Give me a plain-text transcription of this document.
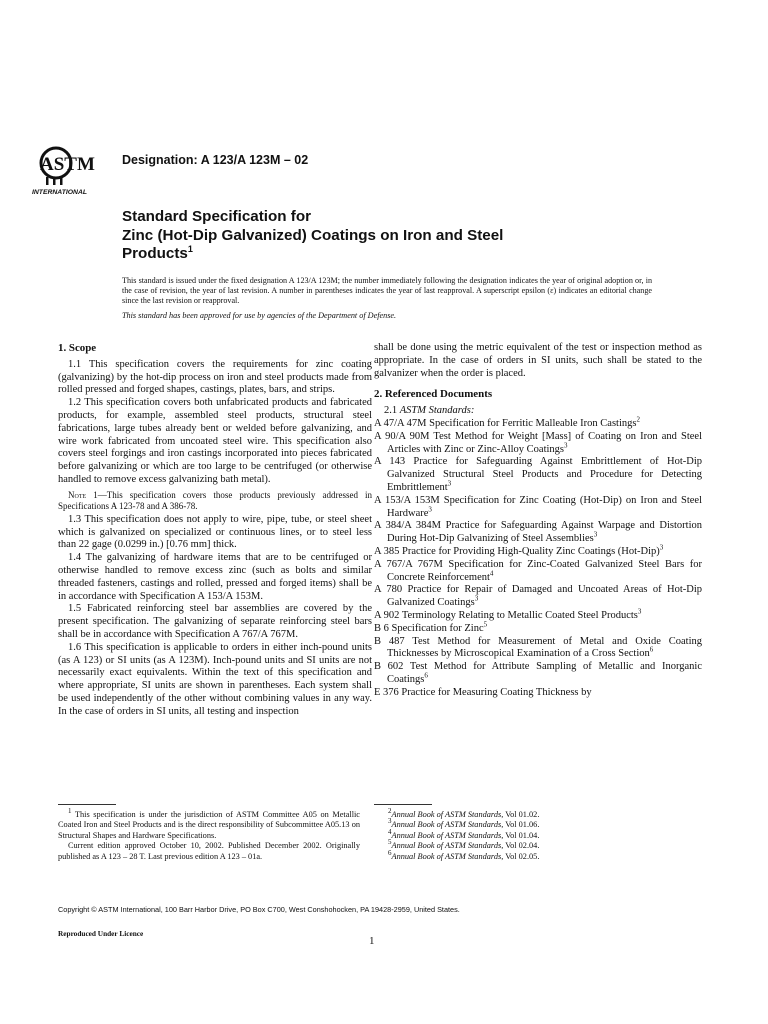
ASTM
INTERNATIONAL
Designation: A 123/A 123M – 02
Standard Specification for
Zinc (Hot-Dip Galvanized) Coatings on Iron and Steel
Products$^1$
This standard is issued under the fixed designation A 123/A 123M; the number immediately following the designation indicates the year of original adoption or, in the case of revision, the year of last revision. A number in parentheses indicates the year of last reapproval. A superscript epsilon (ε) indicates an editorial change since the last revision or reapproval.
This standard has been approved for use by agencies of the Department of Defense.
1. Scope

1.1 This specification covers the requirements for zinc coating (galvanizing) by the hot-dip process on iron and steel products made from rolled pressed and forged shapes, castings, plates, bars, and strips.

1.2 This specification covers both unfabricated products and fabricated products, for example, assembled steel products, structural steel fabrications, large tubes already bent or welded before galvanizing, and wire work fabricated from uncoated steel wire. This specification also covers steel forgings and iron castings incorporated into pieces fabricated before galvanizing or which are too large to be centrifuged (or otherwise handled to remove excess galvanizing bath metal).

Note 1—This specification covers those products previously addressed in Specifications A 123-78 and A 386-78.

1.3 This specification does not apply to wire, pipe, tube, or steel sheet which is galvanized on specialized or continuous lines, or to steel less than 22 gage (0.0299 in.) [0.76 mm] thick.

1.4 The galvanizing of hardware items that are to be centrifuged or otherwise handled to remove excess zinc (such as bolts and similar threaded fasteners, castings and rolled, pressed and forged items) shall be in accordance with Specification A 153/A 153M.

1.5 Fabricated reinforcing steel bar assemblies are covered by the present specification. The galvanizing of separate reinforcing steel bars shall be in accordance with Specification A 767/A 767M.

1.6 This specification is applicable to orders in either inch-pound units (as A 123) or SI units (as A 123M). Inch-pound units and SI units are not necessarily exact equivalents. Within the text of this specification and where appropriate, SI units are shown in parentheses. Each system shall be used independently of the other without combining values in any way. In the case of orders in SI units, all testing and inspection

shall be done using the metric equivalent of the test or inspection method as appropriate. In the case of orders in SI units, such shall be stated to the galvanizer when the order is placed.

2. Referenced Documents

2.1 ASTM Standards:

A 47/A 47M Specification for Ferritic Malleable Iron Castings$^2$

A 90/A 90M Test Method for Weight [Mass] of Coating on Iron and Steel Articles with Zinc or Zinc-Alloy Coatings$^3$

A 143 Practice for Safeguarding Against Embrittlement of Hot-Dip Galvanized Structural Steel Products and Procedure for Detecting Embrittlement$^3$

A 153/A 153M Specification for Zinc Coating (Hot-Dip) on Iron and Steel Hardware$^3$

A 384/A 384M Practice for Safeguarding Against Warpage and Distortion During Hot-Dip Galvanizing of Steel Assemblies$^3$

A 385 Practice for Providing High-Quality Zinc Coatings $(Hot-Dip)^3$

A 767/A 767M Specification for Zinc-Coated Galvanized Steel Bars for Concrete Reinforcement$^4$

A 780 Practice for Repair of Damaged and Uncoated Areas of Hot-Dip Galvanized Coatings$^3$

A 902 Terminology Relating to Metallic Coated Steel Products$^3$

B 6 Specification for Zinc$^5$

B 487 Test Method for Measurement of Metal and Oxide Coating Thicknesses by Microscopical Examination of a Cross Section$^6$

B 602 Test Method for Attribute Sampling of Metallic and Inorganic Coatings$^6$

E 376 Practice for Measuring Coating Thickness by

$^1$ This specification is under the jurisdiction of ASTM Committee A05 on Metallic Coated Iron and Steel Products and is the direct responsibility of Subcommittee A05.13 on Structural Shapes and Hardware Specifications.

Current edition approved October 10, 2002. Published December 2002. Originally published as A 123 – 28 T. Last previous edition A 123 – 01a.

$^2$Annual Book of ASTM Standards, Vol 01.02.

$^3$Annual Book of ASTM Standards, Vol 01.06.

$^4$Annual Book of ASTM Standards, Vol 01.04.

$^5$Annual Book of ASTM Standards, Vol 02.04.

$^6$Annual Book of ASTM Standards, Vol 02.05.

Copyright © ASTM International, 100 Barr Harbor Drive, PO Box C700, West Conshohocken, PA 19428-2959, United States.
Reproduced Under Licence
1
